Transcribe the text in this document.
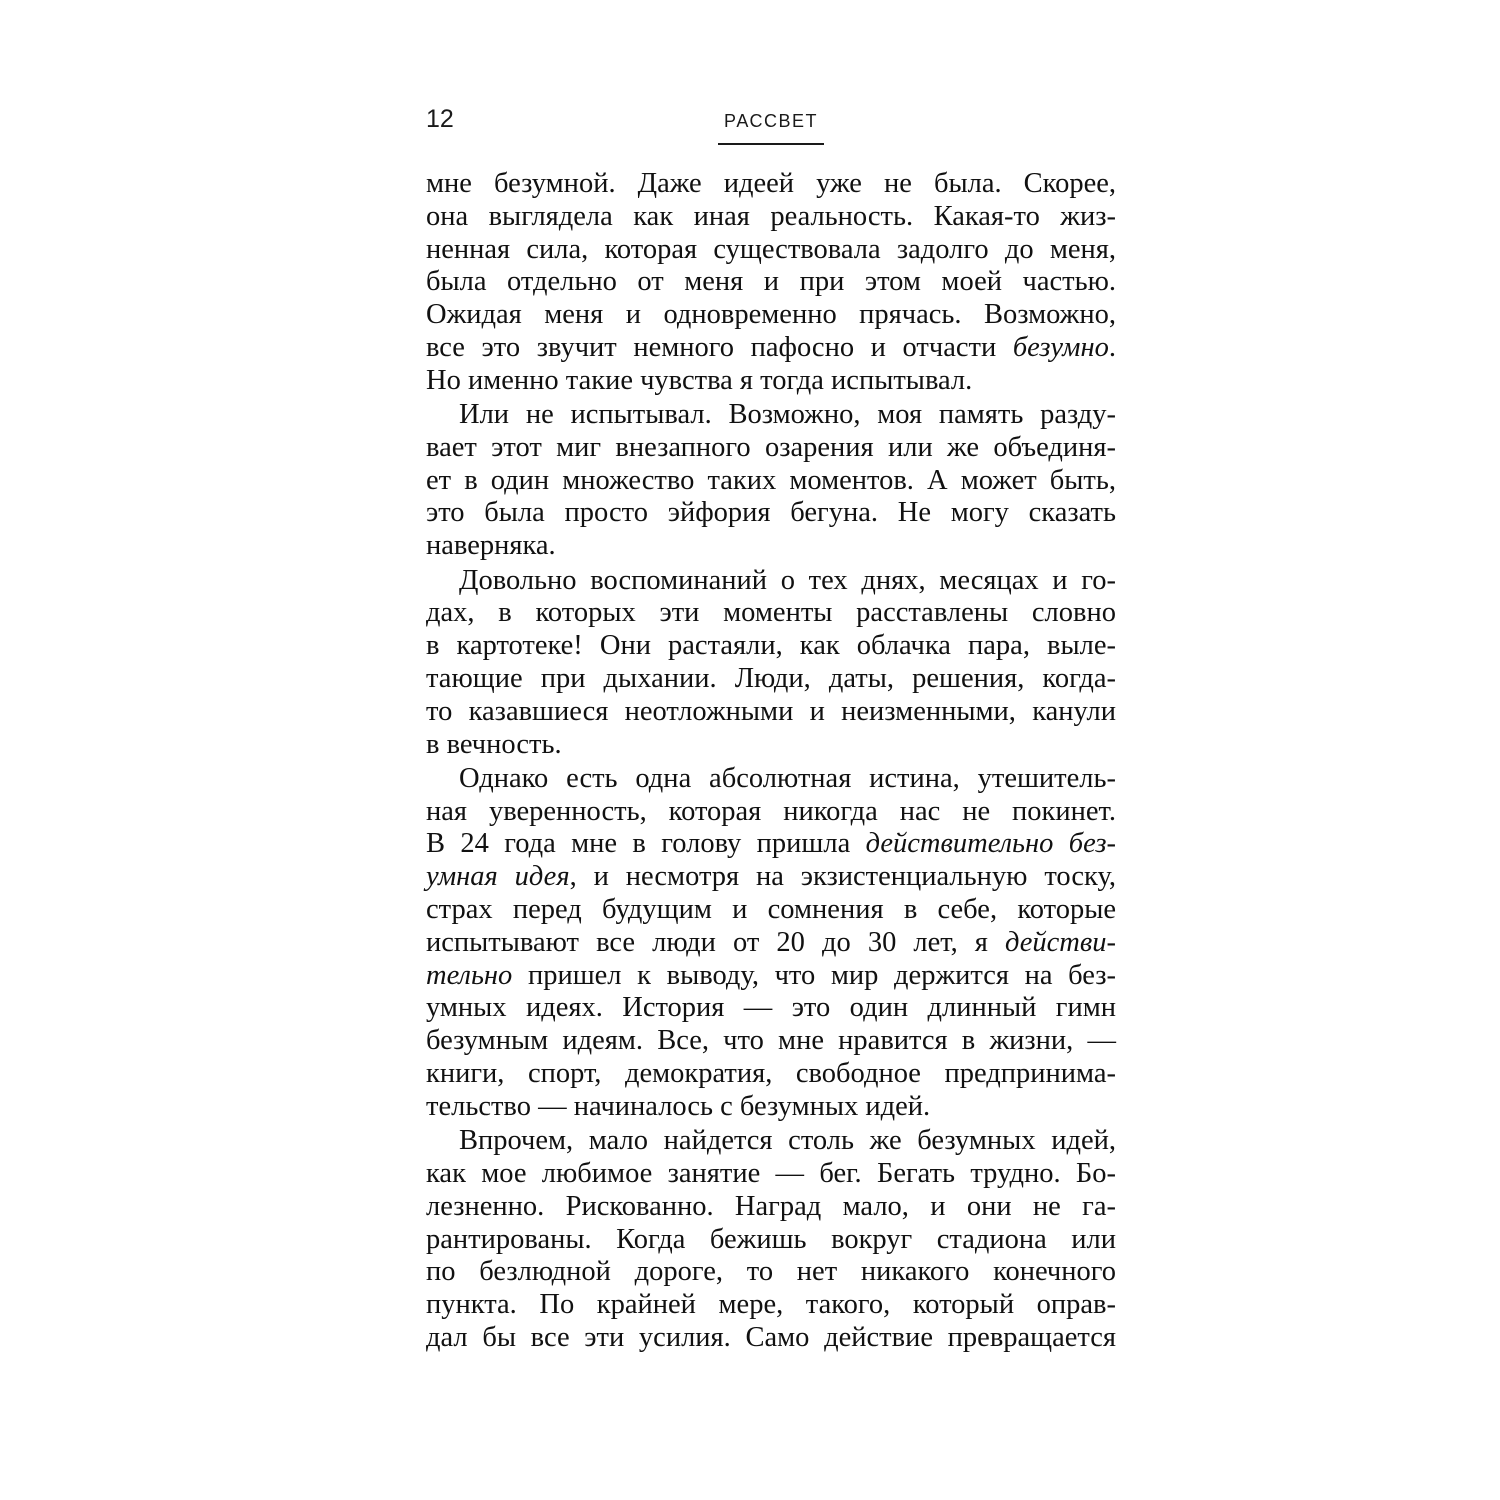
12	РАССВЕТ
мне безумной. Даже идеей уже не была. Скорее,
она выглядела как иная реальность. Какая-то жиз-
ненная сила, которая существовала задолго до меня,
была отдельно от меня и при этом моей частью.
Ожидая меня и одновременно прячась. Возможно,
все это звучит немного пафосно и отчасти безумно.
Но именно такие чувства я тогда испытывал.
Или не испытывал. Возможно, моя память разду-
вает этот миг внезапного озарения или же объединя-
ет в один множество таких моментов. А может быть,
это была просто эйфория бегуна. Не могу сказать
наверняка.
Довольно воспоминаний о тех днях, месяцах и го-
дах, в которых эти моменты расставлены словно
в картотеке! Они растаяли, как облачка пара, выле-
тающие при дыхании. Люди, даты, решения, когда-
то казавшиеся неотложными и неизменными, канули
в вечность.
Однако есть одна абсолютная истина, утешитель-
ная уверенность, которая никогда нас не покинет.
В 24 года мне в голову пришла действительно без-
умная идея, и несмотря на экзистенциальную тоску,
страх перед будущим и сомнения в себе, которые
испытывают все люди от 20 до 30 лет, я действи-
тельно пришел к выводу, что мир держится на без-
умных идеях. История — это один длинный гимн
безумным идеям. Все, что мне нравится в жизни, —
книги, спорт, демократия, свободное предпринима-
тельство — начиналось с безумных идей.
Впрочем, мало найдется столь же безумных идей,
как мое любимое занятие — бег. Бегать трудно. Бо-
лезненно. Рискованно. Наград мало, и они не га-
рантированы. Когда бежишь вокруг стадиона или
по безлюдной дороге, то нет никакого конечного
пункта. По крайней мере, такого, который оправ-
дал бы все эти усилия. Само действие превращается
